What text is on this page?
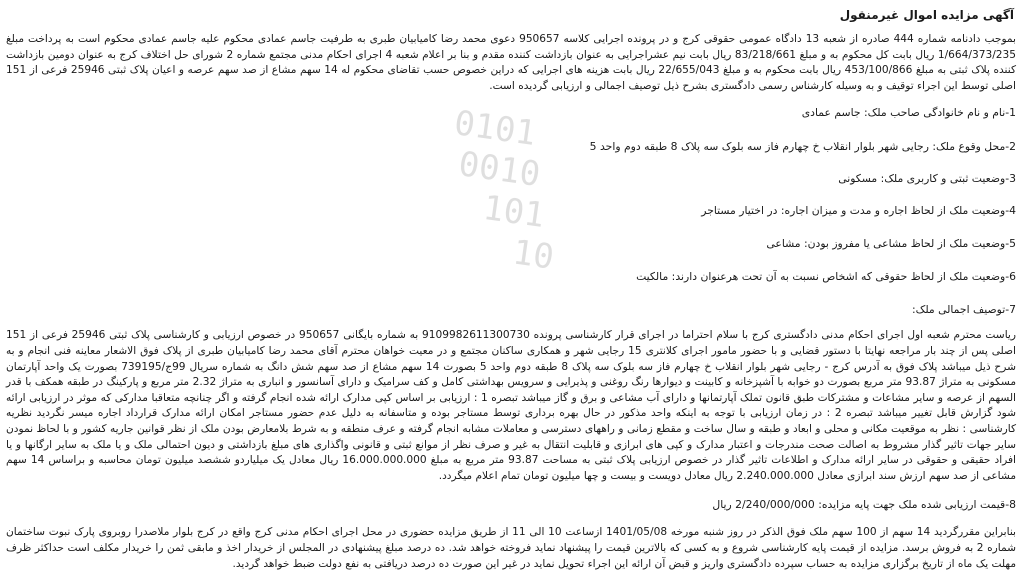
0101
0010
101
10
آگهی مزایده اموال غیرمنقول

بموجب دادنامه شماره 444 صادره از شعبه 13 دادگاه عمومی حقوقی کرج و در پرونده اجرایی کلاسه 950657 دعوی محمد رضا کامیابیان طبری به طرفیت جاسم عمادی محکوم علیه جاسم عمادی محکوم است به پرداخت مبلغ 1/664/373/235 ریال بابت کل محکوم به و مبلغ 83/218/661 ریال بابت نیم عشراجرایی به عنوان بازداشت کننده مقدم و بنا بر اعلام شعبه 4 اجرای احکام مدنی مجتمع شماره 2 شورای حل اختلاف کرج به عنوان دومین بازداشت کننده پلاک ثبتی به مبلغ 453/100/866 ریال بابت محکوم به و مبلغ 22/655/043 ریال بابت هزینه های اجرایی که دراین خصوص حسب تقاضای محکوم له 14 سهم مشاع از صد سهم عرصه و اعیان پلاک ثبتی 25946 فرعی از 151 اصلی توسط این اجراء توقیف و به وسیله کارشناس رسمی دادگستری بشرح ذیل توصیف اجمالی و ارزیابی گردیده است.

1-نام و نام خانوادگی صاحب ملک: جاسم عمادی

2-محل وقوع ملک: رجایی شهر بلوار انقلاب خ چهارم فاز سه بلوک سه پلاک 8 طبقه دوم واحد 5

3-وضعیت ثبتی و کاربری ملک: مسکونی

4-وضعیت ملک از لحاظ اجاره و مدت و میزان اجاره: در اختیار مستاجر

5-وضعیت ملک از لحاظ مشاعی یا مفروز بودن: مشاعی

6-وضعیت ملک از لحاظ حقوقی که اشخاص نسبت به آن تحت هرعنوان دارند: مالکیت

7-توصیف اجمالی ملک:

ریاست محترم شعبه اول اجرای احکام مدنی دادگستری کرج با سلام احتراما در اجرای قرار کارشناسی پرونده 9109982611300730 به شماره بایگانی 950657 در خصوص ارزیابی و کارشناسی پلاک ثبتی 25946 فرعی از 151 اصلی پس از چند بار مراجعه نهایتا با دستور قضایی و با حضور مامور اجرای کلانتری 15 رجایی شهر و همکاری ساکنان مجتمع و در معیت خواهان محترم آقای محمد رضا کامیابیان طبری از پلاک فوق الاشعار معاینه فنی انجام و به شرح ذیل میباشد پلاک فوق به آدرس کرج - رجایی شهر بلوار انقلاب خ چهارم فاز سه بلوک سه پلاک 8 طبقه دوم واحد 5 بصورت 14 سهم مشاع از صد سهم شش دانگ به شماره سریال 99ج/739195 بصورت یک واحد آپارتمان مسکونی به متراژ 93.87 متر مربع بصورت دو خوابه با آشپزخانه و کابینت و دیوارها رنگ روغنی و پذیرایی و سرویس بهداشتی کامل و کف سرامیک و دارای آسانسور و انباری به متراژ 2.32 متر مربع و پارکینگ در طبقه همکف با قدر السهم از عرصه و سایر مشاعات و مشترکات طبق قانون تملک آپارتمانها و دارای آب مشاعی و برق و گاز میباشد تبصره 1 : ارزیابی بر اساس کپی مدارک ارائه شده انجام گرفته و اگر چنانچه متعاقبا مدارکی که موثر در ارزیابی ارائه شود گزارش قابل تغییر میباشد تبصره 2 : در زمان ارزیابی با توجه به اینکه واحد مذکور در حال بهره برداری توسط مستاجر بوده و متاسفانه به دلیل عدم حضور مستاجر امکان ارائه مدارک قرارداد اجاره میسر نگردید نظریه کارشناسی : نظر به موقعیت مکانی و محلی و ابعاد و طبقه و سال ساخت و مقطع زمانی و راههای دسترسی و معاملات مشابه انجام گرفته و عرف منطقه و به شرط بلامعارض بودن ملک از نظر قوانین جاریه کشور و با لحاظ نمودن سایر جهات تاثیر گذار مشروط به اصالت صحت مندرجات و اعتبار مدارک و کپی های ابرازی و قابلیت انتقال به غیر و صرف نظر از موانع ثبتی و قانونی واگذاری های مبلغ بازداشتی و دیون احتمالی ملک و یا ملک به سایر ارگانها و یا افراد حقیقی و حقوقی در سایر ارائه مدارک و اطلاعات تاثیر گذار در خصوص ارزیابی پلاک ثبتی به مساحت 93.87 متر مربع به مبلغ 16.000.000.000 ریال معادل یک میلیاردو ششصد میلیون تومان محاسبه و براساس 14 سهم مشاعی از صد سهم ارزش سند ابرازی معادل 2.240.000.000 ریال معادل دویست و بیست و چها میلیون تومان تمام اعلام میگردد.

8-قیمت ارزیابی شده ملک جهت پایه مزایده: 2/240/000/000 ریال

بنابراین مقررگردید 14 سهم از 100 سهم ملک فوق الذکر در روز شنبه مورخه 1401/05/08 ازساعت 10 الی 11 از طریق مزایده حضوری در محل اجرای احکام مدنی کرج واقع در کرج بلوار ملاصدرا روبروی پارک نبوت ساختمان شماره 2 به فروش برسد. مزایده از قیمت پایه کارشناسی شروع و به کسی که بالاترین قیمت را پیشنهاد نماید فروخته خواهد شد. ده درصد مبلغ پیشنهادی در المجلس از خریدار اخذ و مابقی ثمن را خریدار مکلف است حداکثر ظرف مهلت یک ماه از تاریخ برگزاری مزایده به حساب سپرده دادگستری واریز و قبض آن ارائه این اجراء تحویل نماید در غیر این صورت ده درصد دریافتی به نفع دولت ضبط خواهد گردید.
